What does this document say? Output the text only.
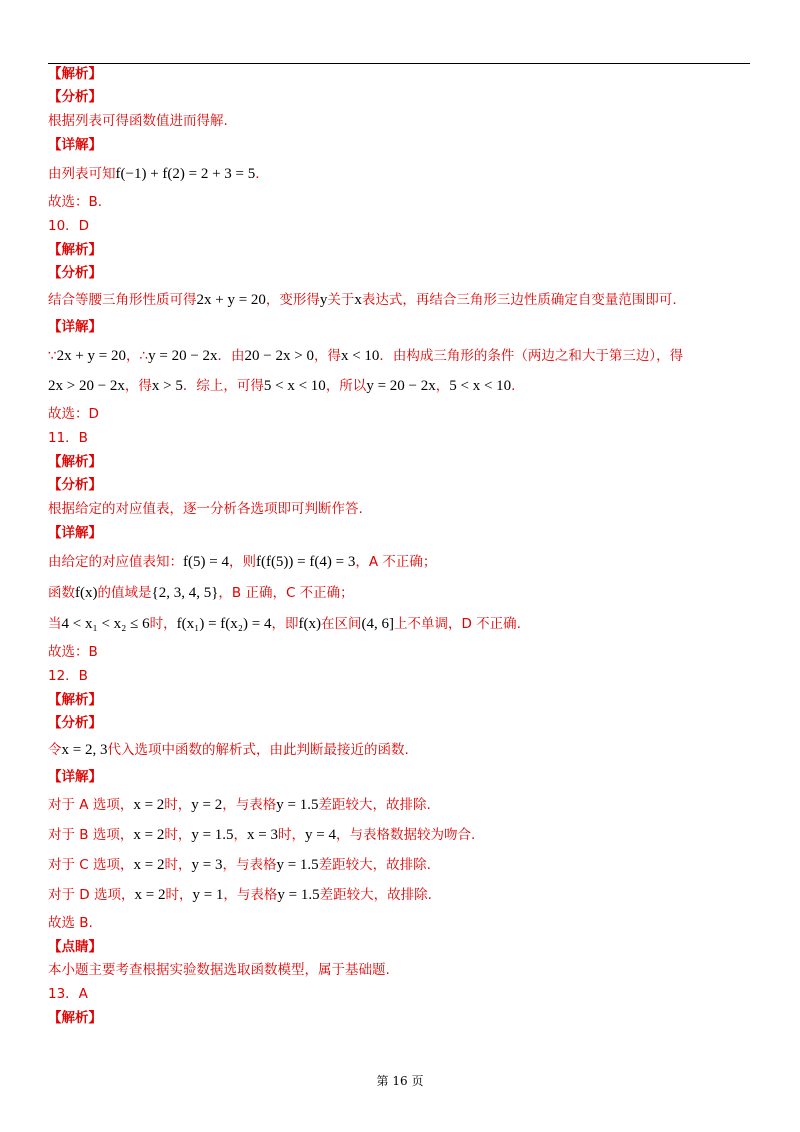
【解析】
【分析】
根据列表可得函数值进而得解.
【详解】
由列表可知f(−1) + f(2) = 2 + 3 = 5.
故选：B.
10．D
【解析】
【分析】
结合等腰三角形性质可得2x + y = 20，变形得y关于x表达式，再结合三角形三边性质确定自变量范围即可.
【详解】
∵2x + y = 20，∴y = 20 − 2x．由20 − 2x > 0，得x < 10．由构成三角形的条件（两边之和大于第三边），得
2x > 20 − 2x，得x > 5．综上，可得5 < x < 10，所以y = 20 − 2x，5 < x < 10.
故选：D
11．B
【解析】
【分析】
根据给定的对应值表，逐一分析各选项即可判断作答.
【详解】
由给定的对应值表知：f(5) = 4，则f(f(5)) = f(4) = 3，A 不正确；
函数f(x)的值域是{2, 3, 4, 5}，B 正确，C 不正确；
当4 < x₁ < x₂ ≤ 6时，f(x₁) = f(x₂) = 4，即f(x)在区间(4, 6]上不单调，D 不正确.
故选：B
12．B
【解析】
【分析】
令x = 2, 3代入选项中函数的解析式，由此判断最接近的函数.
【详解】
对于 A 选项，x = 2时，y = 2，与表格y = 1.5差距较大，故排除.
对于 B 选项，x = 2时，y = 1.5，x = 3时，y = 4，与表格数据较为吻合.
对于 C 选项，x = 2时，y = 3，与表格y = 1.5差距较大，故排除.
对于 D 选项，x = 2时，y = 1，与表格y = 1.5差距较大，故排除.
故选 B.
【点睛】
本小题主要考查根据实验数据选取函数模型，属于基础题.
13．A
【解析】
第 16 页
